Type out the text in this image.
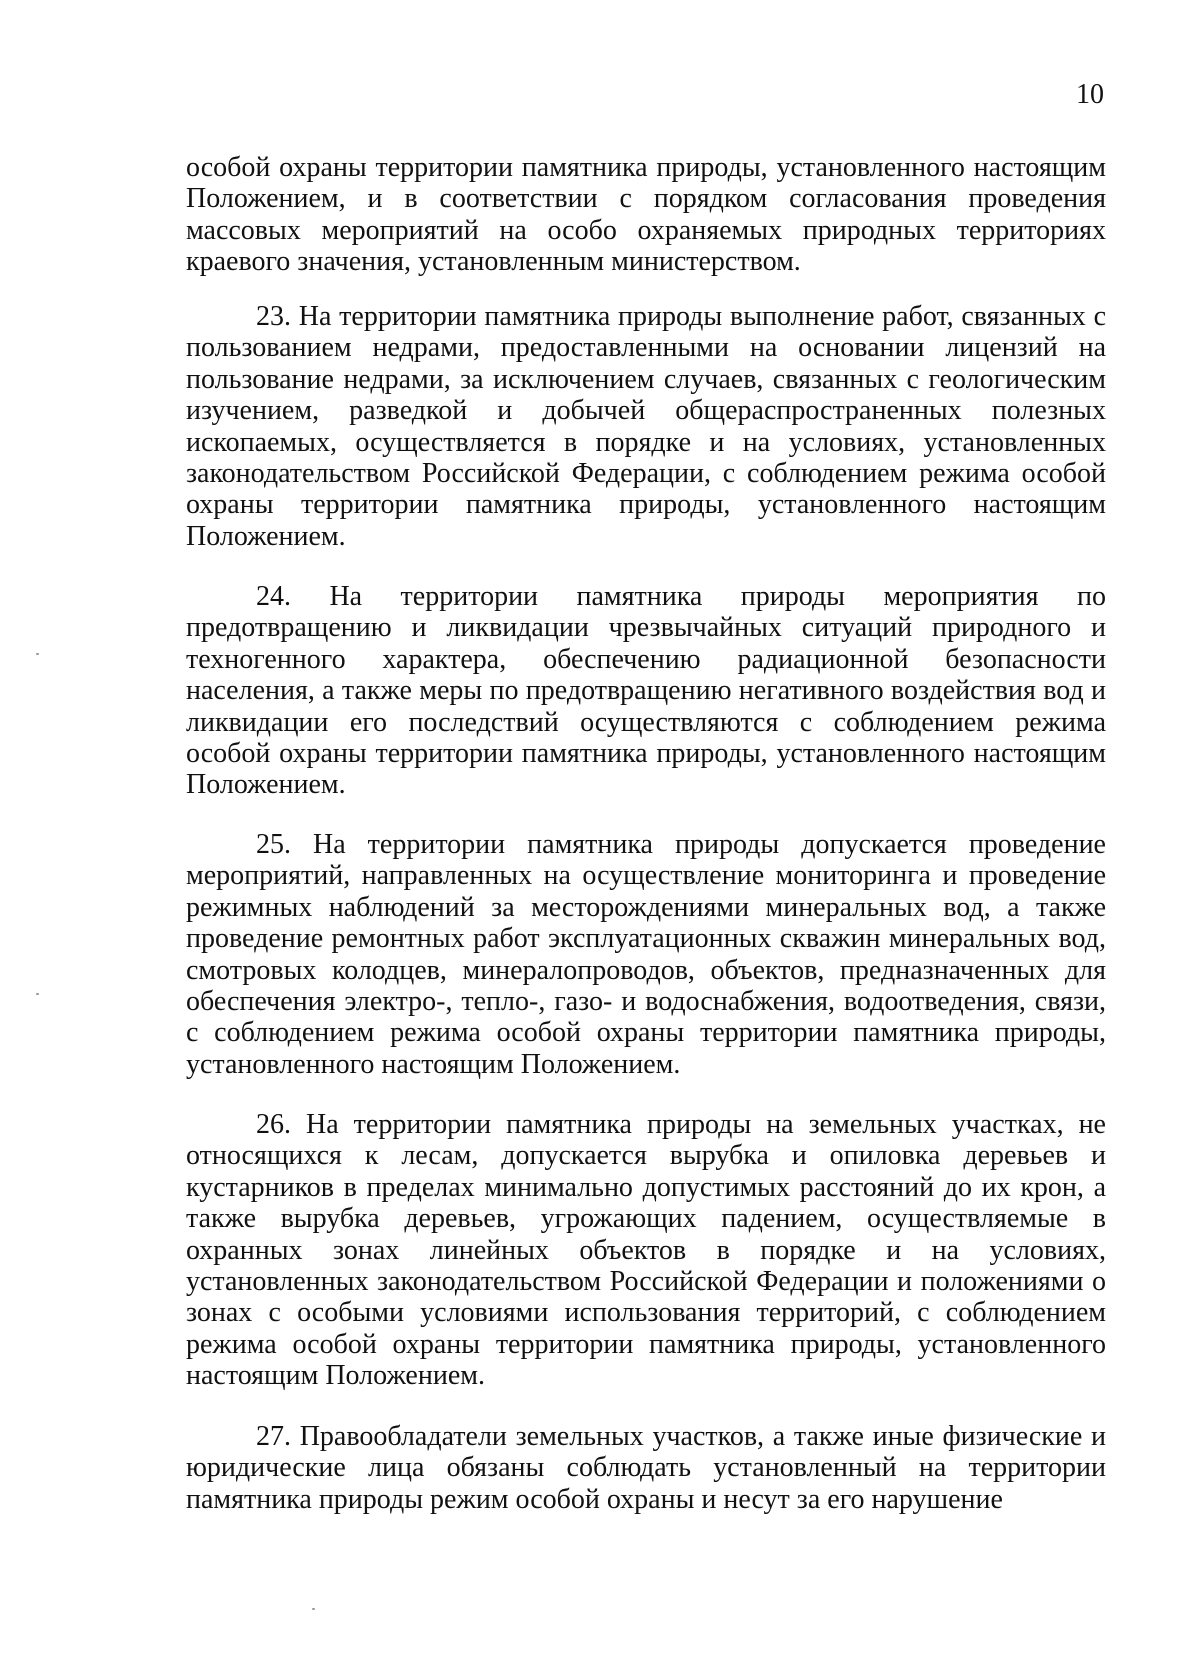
10

особой охраны территории памятника природы, установленного настоящим Положением, и в соответствии с порядком согласования проведения массовых мероприятий на особо охраняемых природных территориях краевого значения, установленным министерством.

23. На территории памятника природы выполнение работ, связанных с пользованием недрами, предоставленными на основании лицензий на пользование недрами, за исключением случаев, связанных с геологическим изучением, разведкой и добычей общераспространенных полезных ископаемых, осуществляется в порядке и на условиях, установленных законодательством Российской Федерации, с соблюдением режима особой охраны территории памятника природы, установленного настоящим Положением.

24. На территории памятника природы мероприятия по предотвращению и ликвидации чрезвычайных ситуаций природного и техногенного характера, обеспечению радиационной безопасности населения, а также меры по предотвращению негативного воздействия вод и ликвидации его последствий осуществляются с соблюдением режима особой охраны территории памятника природы, установленного настоящим Положением.

25. На территории памятника природы допускается проведение мероприятий, направленных на осуществление мониторинга и проведение режимных наблюдений за месторождениями минеральных вод, а также проведение ремонтных работ эксплуатационных скважин минеральных вод, смотровых колодцев, минералопроводов, объектов, предназначенных для обеспечения электро-, тепло-, газо- и водоснабжения, водоотведения, связи, с соблюдением режима особой охраны территории памятника природы, установленного настоящим Положением.

26. На территории памятника природы на земельных участках, не относящихся к лесам, допускается вырубка и опиловка деревьев и кустарников в пределах минимально допустимых расстояний до их крон, а также вырубка деревьев, угрожающих падением, осуществляемые в охранных зонах линейных объектов в порядке и на условиях, установленных законодательством Российской Федерации и положениями о зонах с особыми условиями использования территорий, с соблюдением режима особой охраны территории памятника природы, установленного настоящим Положением.

27. Правообладатели земельных участков, а также иные физические и юридические лица обязаны соблюдать установленный на территории памятника природы режим особой охраны и несут за его нарушение
